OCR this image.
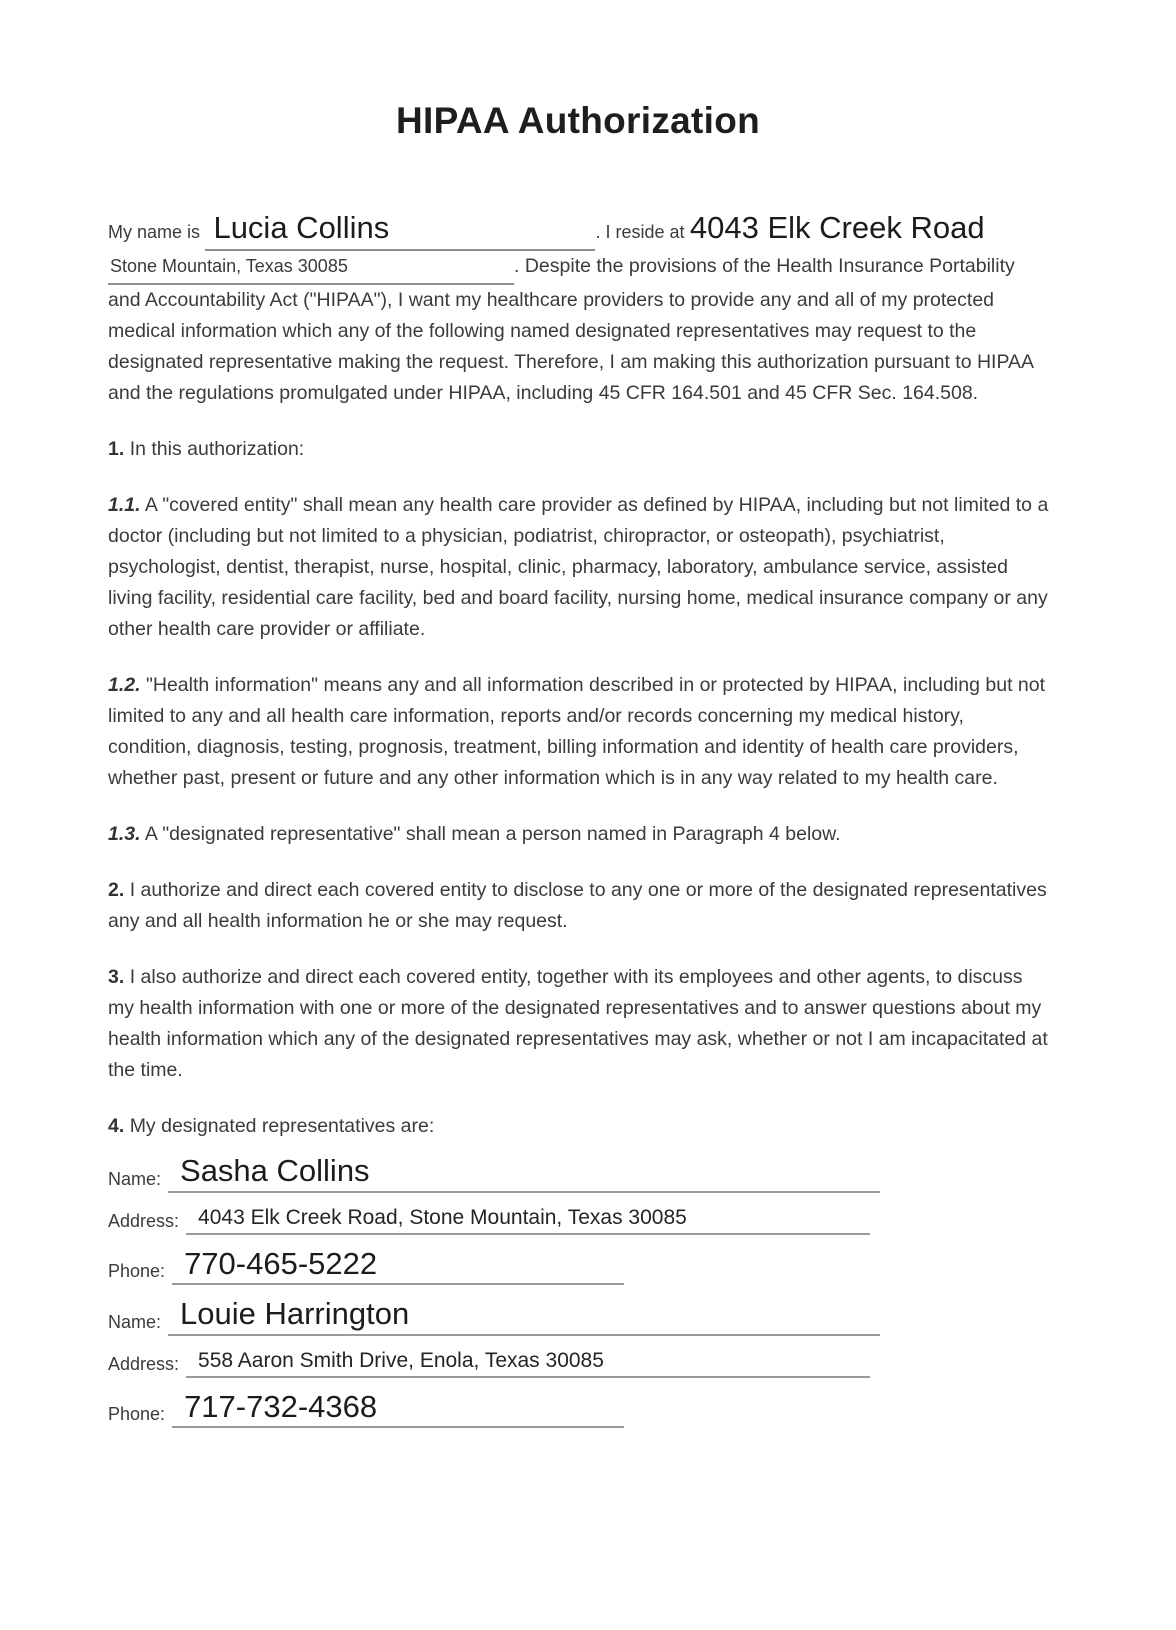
HIPAA Authorization

My name is Lucia Collins	. I reside at 4043 Elk Creek Road
Stone Mountain, Texas 30085	. Despite the provisions of the Health Insurance Portability and Accountability Act ("HIPAA"), I want my healthcare providers to provide any and all of my protected medical information which any of the following named designated representatives may request to the designated representative making the request. Therefore, I am making this authorization pursuant to HIPAA and the regulations promulgated under HIPAA, including 45 CFR 164.501 and 45 CFR Sec. 164.508.

1. In this authorization:

1.1. A "covered entity" shall mean any health care provider as defined by HIPAA, including but not limited to a doctor (including but not limited to a physician, podiatrist, chiropractor, or osteopath), psychiatrist, psychologist, dentist, therapist, nurse, hospital, clinic, pharmacy, laboratory, ambulance service, assisted living facility, residential care facility, bed and board facility, nursing home, medical insurance company or any other health care provider or affiliate.

1.2. "Health information" means any and all information described in or protected by HIPAA, including but not limited to any and all health care information, reports and/or records concerning my medical history, condition, diagnosis, testing, prognosis, treatment, billing information and identity of health care providers, whether past, present or future and any other information which is in any way related to my health care.

1.3. A "designated representative" shall mean a person named in Paragraph 4 below.

2. I authorize and direct each covered entity to disclose to any one or more of the designated representatives any and all health information he or she may request.

3. I also authorize and direct each covered entity, together with its employees and other agents, to discuss my health information with one or more of the designated representatives and to answer questions about my health information which any of the designated representatives may ask, whether or not I am incapacitated at the time.

4. My designated representatives are:

Name: Sasha Collins
Address: 4043 Elk Creek Road, Stone Mountain, Texas 30085
Phone: 770-465-5222
Name: Louie Harrington
Address: 558 Aaron Smith Drive, Enola, Texas 30085
Phone: 717-732-4368
